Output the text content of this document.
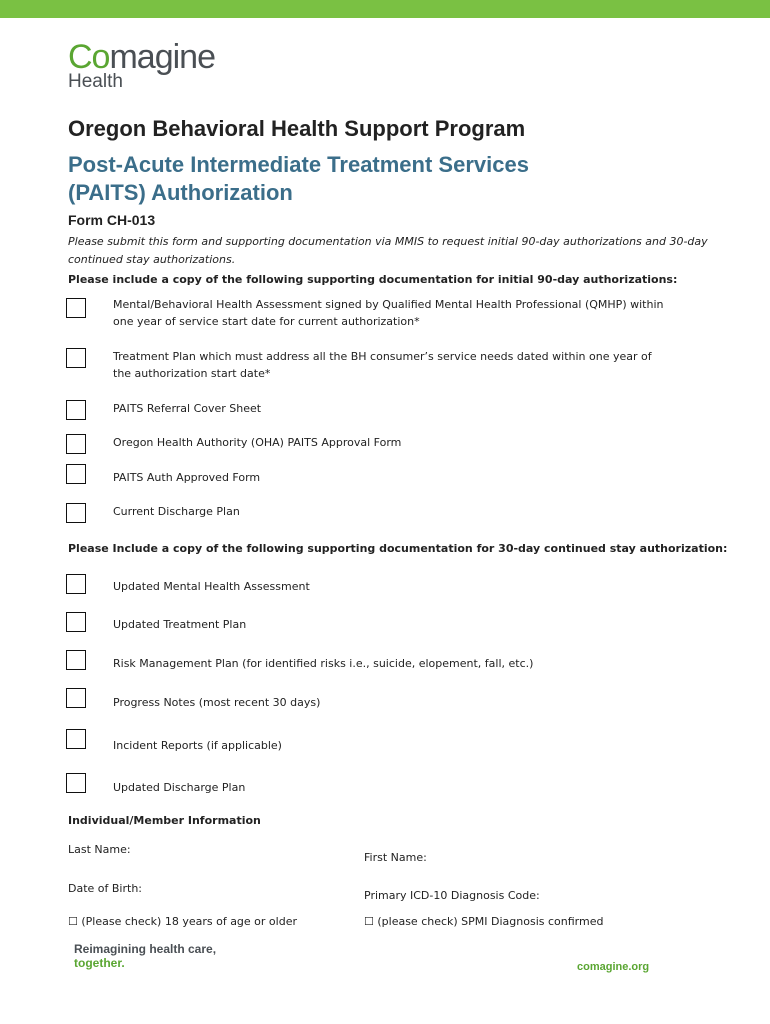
Comagine
Health
Oregon Behavioral Health Support Program
Post-Acute Intermediate Treatment Services
(PAITS) Authorization
Form CH-013
Please submit this form and supporting documentation via MMIS to request initial 90-day authorizations and 30-day continued stay authorizations.
Please include a copy of the following supporting documentation for initial 90-day authorizations:
Mental/Behavioral Health Assessment signed by Qualified Mental Health Professional (QMHP) within one year of service start date for current authorization*
Treatment Plan which must address all the BH consumer’s service needs dated within one year of the authorization start date*
PAITS Referral Cover Sheet
Oregon Health Authority (OHA) PAITS Approval Form
PAITS Auth Approved Form
Current Discharge Plan
Please Include a copy of the following supporting documentation for 30-day continued stay authorization:
Updated Mental Health Assessment
Updated Treatment Plan
Risk Management Plan (for identified risks i.e., suicide, elopement, fall, etc.)
Progress Notes (most recent 30 days)
Incident Reports (if applicable)
Updated Discharge Plan
Individual/Member Information
Last Name:
First Name:
Date of Birth:
Primary ICD-10 Diagnosis Code:
☐ (Please check) 18 years of age or older	☐ (please check) SPMI Diagnosis confirmed
Reimagining health care,
together.	comagine.org
